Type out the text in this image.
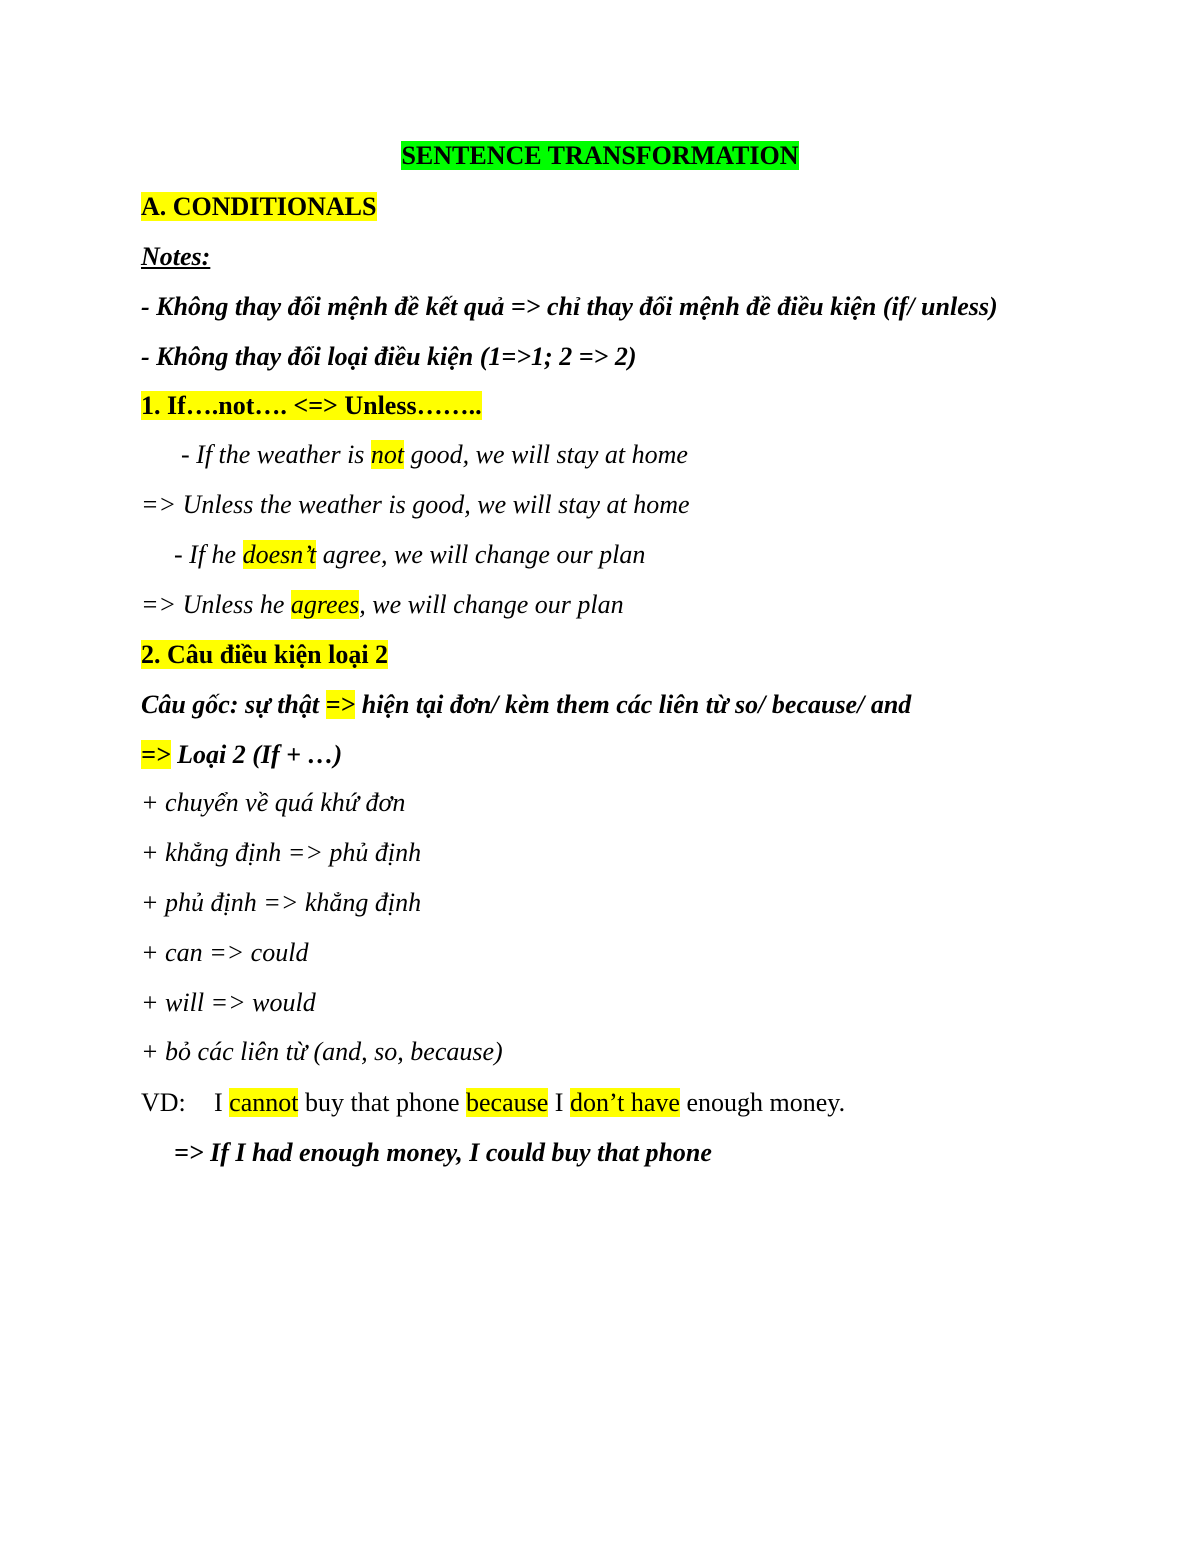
SENTENCE TRANSFORMATION
A. CONDITIONALS
Notes:
- Không thay đổi mệnh đề kết quả => chỉ thay đổi mệnh đề điều kiện (if/ unless)
- Không thay đổi loại điều kiện (1=>1; 2 => 2)
1. If….not…. <=> Unless……..
- If the weather is not good, we will stay at home
=> Unless the weather is good, we will stay at home
- If he doesn’t agree, we will change our plan
=> Unless he agrees, we will change our plan
2. Câu điều kiện loại 2
Câu gốc: sự thật => hiện tại đơn/ kèm them các liên từ so/ because/ and
=> Loại 2 (If + …)
+ chuyển về quá khứ đơn
+ khẳng định => phủ định
+ phủ định => khẳng định
+ can => could
+ will => would
+ bỏ các liên từ (and, so, because)
VD: I cannot buy that phone because I don’t have enough money.
=> If I had enough money, I could buy that phone
